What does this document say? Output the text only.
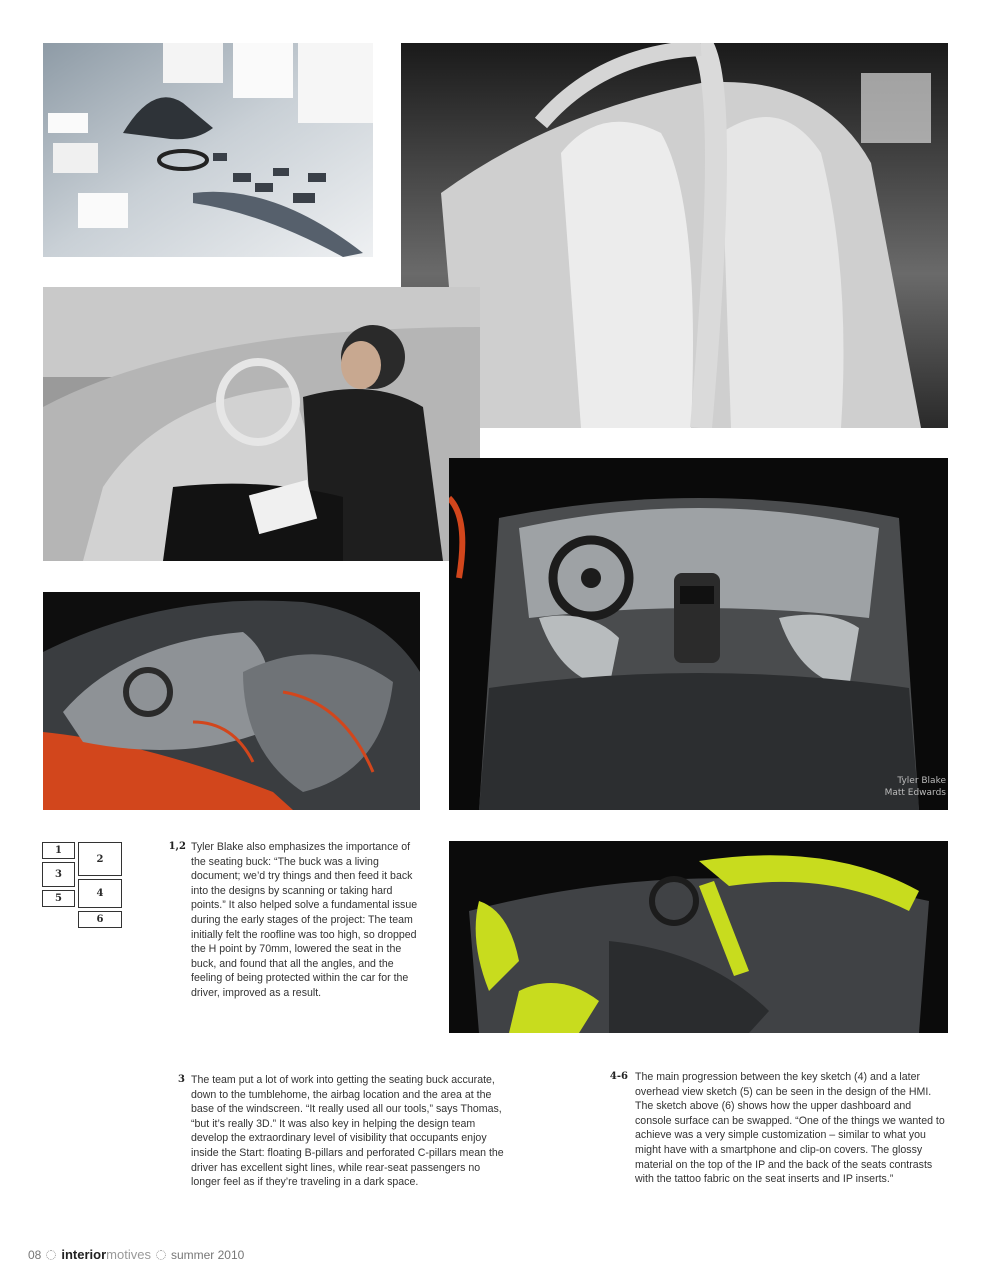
Tyler Blake
Matt Edwards
1
2
3
4
5
6
1,2 Tyler Blake also emphasizes the importance of the seating buck: “The buck was a living document; we’d try things and then feed it back into the designs by scanning or taking hard points.” It also helped solve a fundamental issue during the early stages of the project: The team initially felt the roofline was too high, so dropped the H point by 70mm, lowered the seat in the buck, and found that all the angles, and the feeling of being protected within the car for the driver, improved as a result.
3 The team put a lot of work into getting the seating buck accurate, down to the tumblehome, the airbag location and the area at the base of the windscreen. “It really used all our tools,” says Thomas, “but it’s really 3D.” It was also key in helping the design team develop the extraordinary level of visibility that occupants enjoy inside the Start: floating B-pillars and perforated C-pillars mean the driver has excellent sight lines, while rear-seat passengers no longer feel as if they’re traveling in a dark space.
4-6 The main progression between the key sketch (4) and a later overhead view sketch (5) can be seen in the design of the HMI. The sketch above (6) shows how the upper dashboard and console surface can be swapped. “One of the things we wanted to achieve was a very simple customization – similar to what you might have with a smartphone and clip-on covers. The glossy material on the top of the IP and the back of the seats contrasts with the tattoo fabric on the seat inserts and IP inserts.”
08 interior motives summer 2010
